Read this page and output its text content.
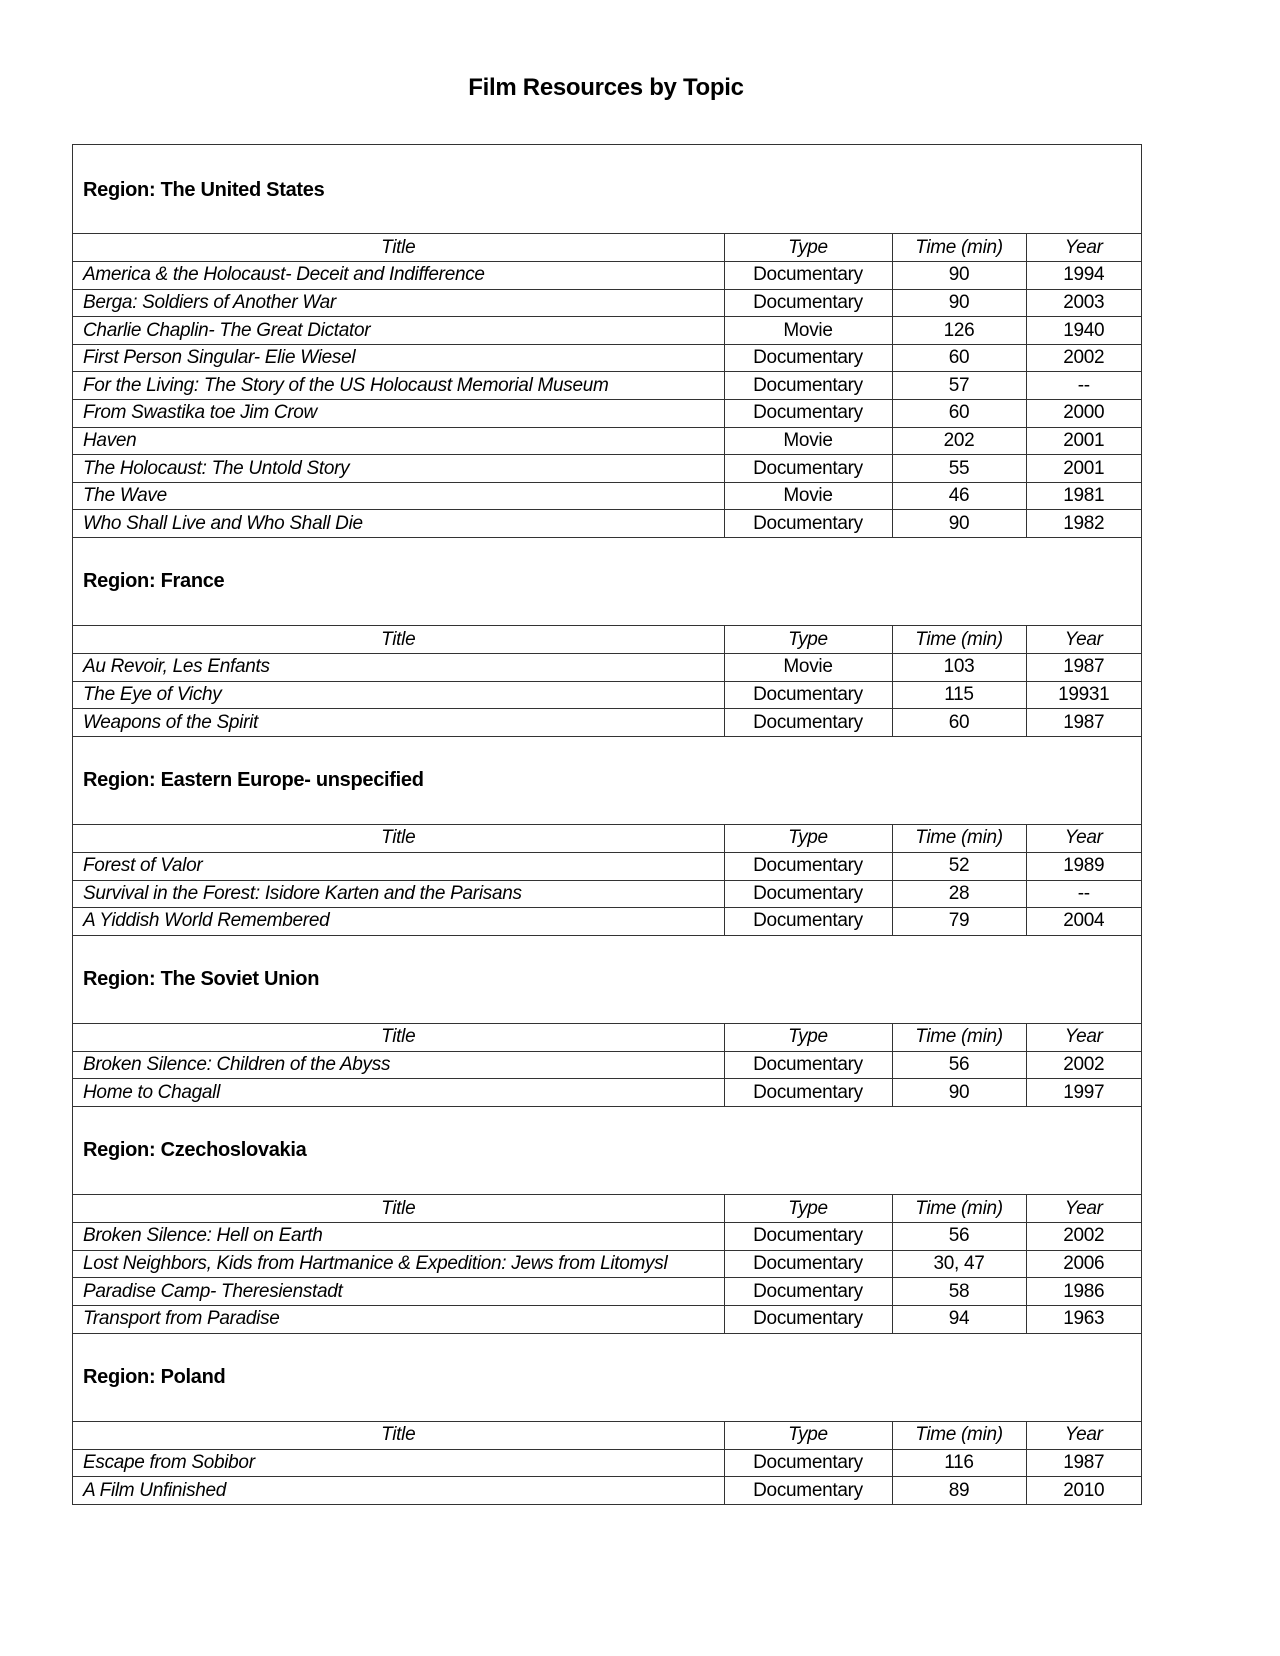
Film Resources by Topic
Region: The United States
Title	Type	Time (min)	Year
America & the Holocaust- Deceit and Indifference	Documentary	90	1994
Berga: Soldiers of Another War	Documentary	90	2003
Charlie Chaplin- The Great Dictator	Movie	126	1940
First Person Singular- Elie Wiesel	Documentary	60	2002
For the Living: The Story of the US Holocaust Memorial Museum	Documentary	57	--
From Swastika toe Jim Crow	Documentary	60	2000
Haven	Movie	202	2001
The Holocaust: The Untold Story	Documentary	55	2001
The Wave	Movie	46	1981
Who Shall Live and Who Shall Die	Documentary	90	1982
Region: France
Title	Type	Time (min)	Year
Au Revoir, Les Enfants	Movie	103	1987
The Eye of Vichy	Documentary	115	19931
Weapons of the Spirit	Documentary	60	1987
Region: Eastern Europe- unspecified
Title	Type	Time (min)	Year
Forest of Valor	Documentary	52	1989
Survival in the Forest: Isidore Karten and the Parisans	Documentary	28	--
A Yiddish World Remembered	Documentary	79	2004
Region: The Soviet Union
Title	Type	Time (min)	Year
Broken Silence: Children of the Abyss	Documentary	56	2002
Home to Chagall	Documentary	90	1997
Region: Czechoslovakia
Title	Type	Time (min)	Year
Broken Silence: Hell on Earth	Documentary	56	2002
Lost Neighbors, Kids from Hartmanice & Expedition: Jews from Litomysl	Documentary	30, 47	2006
Paradise Camp- Theresienstadt	Documentary	58	1986
Transport from Paradise	Documentary	94	1963
Region: Poland
Title	Type	Time (min)	Year
Escape from Sobibor	Documentary	116	1987
A Film Unfinished	Documentary	89	2010
